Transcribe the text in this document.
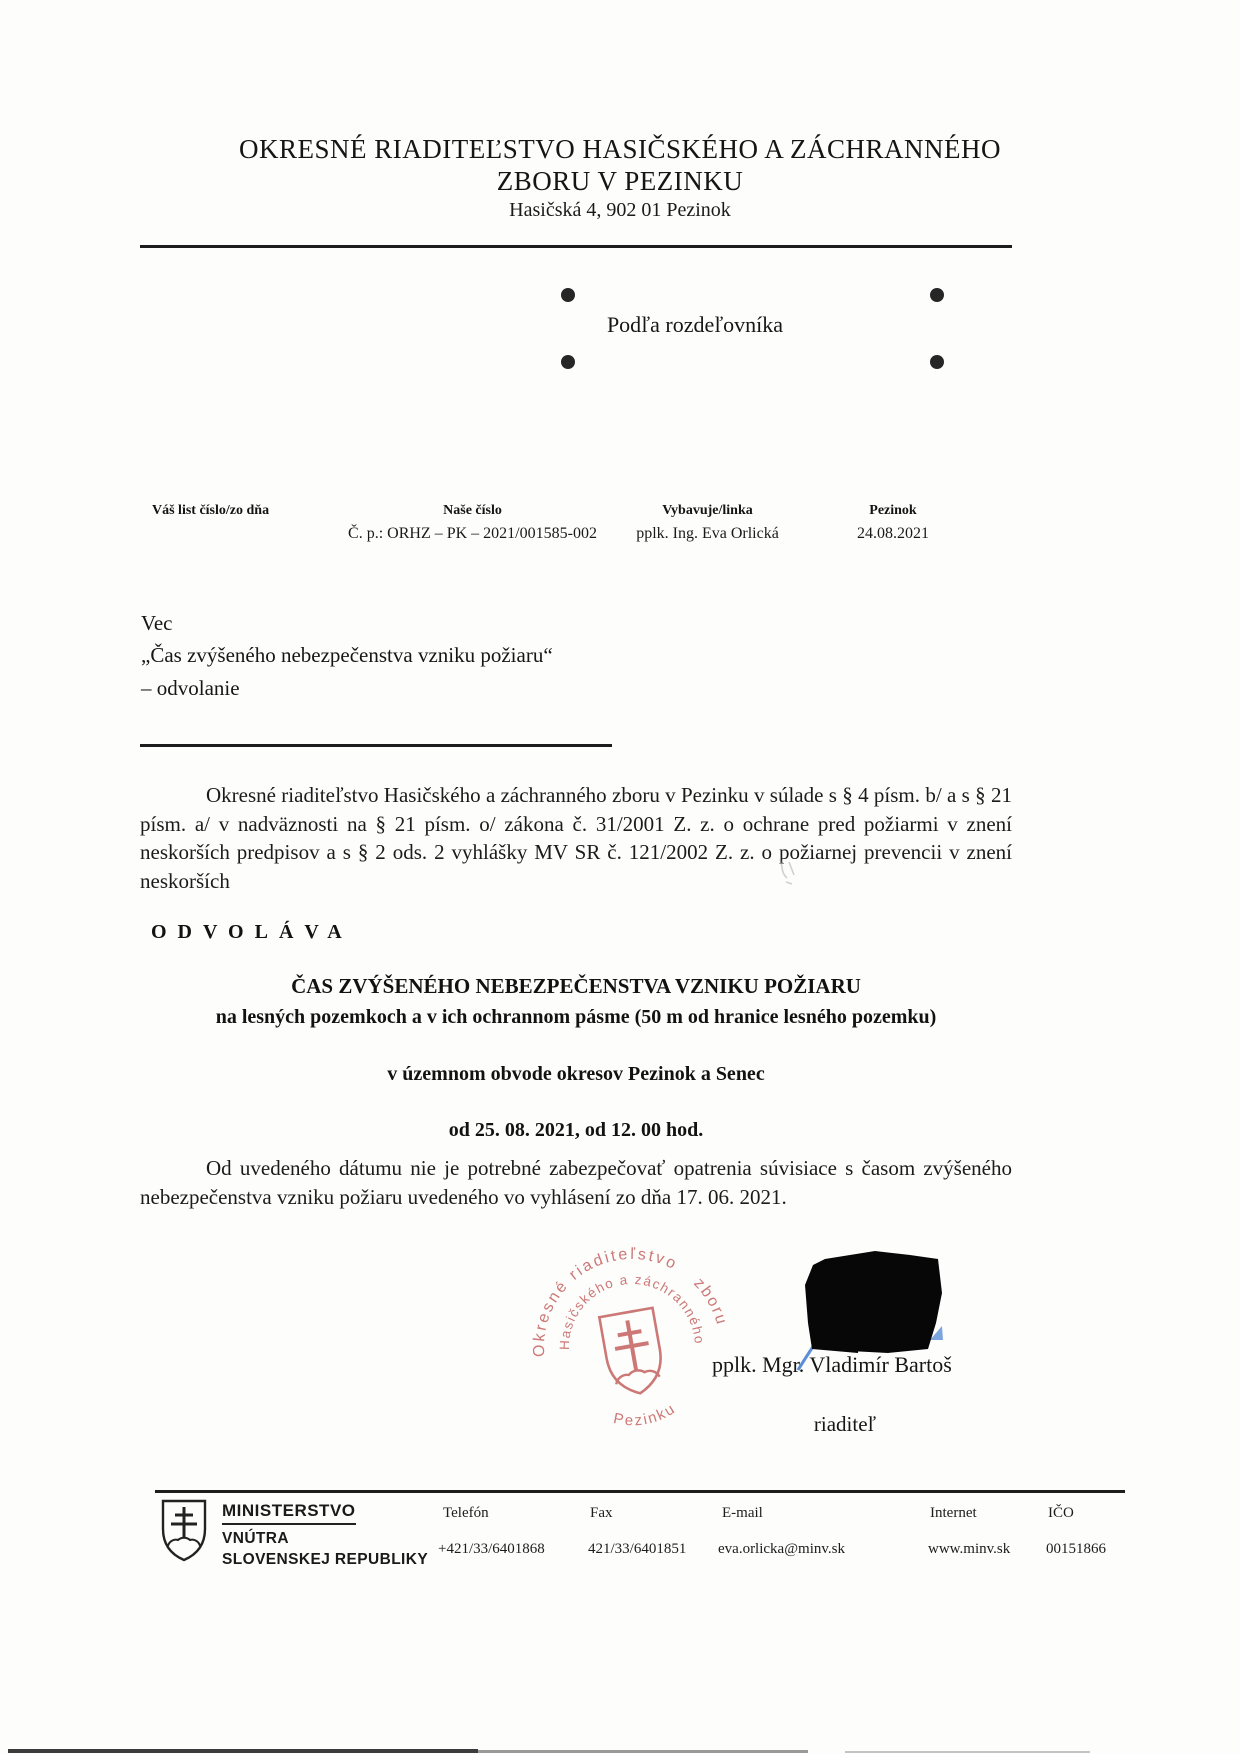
OKRESNÉ RIADITEĽSTVO HASIČSKÉHO A ZÁCHRANNÉHO
ZBORU V PEZINKU
Hasičská 4, 902 01 Pezinok
Podľa rozdeľovníka
Váš list číslo/zo dňa	Naše číslo
Č. p.: ORHZ – PK – 2021/001585-002
Vybavuje/linka
pplk. Ing. Eva Orlická
Pezinok
24.08.2021
Vec
„Čas zvýšeného nebezpečenstva vzniku požiaru“
– odvolanie
Okresné riaditeľstvo Hasičského a záchranného zboru v Pezinku v súlade s § 4 písm. b/ a s § 21 písm. a/ v nadväznosti na § 21 písm. o/ zákona č. 31/2001 Z. z. o ochrane pred požiarmi v znení neskorších predpisov a s § 2 ods. 2 vyhlášky MV SR č. 121/2002 Z. z. o požiarnej prevencii v znení neskorších
ODVOLÁVA
ČAS ZVÝŠENÉHO NEBEZPEČENSTVA VZNIKU POŽIARU
na lesných pozemkoch a v ich ochrannom pásme (50 m od hranice lesného pozemku)
v územnom obvode okresov Pezinok a Senec
od 25. 08. 2021, od 12. 00 hod.
Od uvedeného dátumu nie je potrebné zabezpečovať opatrenia súvisiace s časom zvýšeného nebezpečenstva vzniku požiaru uvedeného vo vyhlásení zo dňa 17. 06. 2021.
Okresné riaditeľstvo
zboru
Hasičského a záchranného
Pezinku
pplk. Mgr. Vladimír Bartoš
riaditeľ
MINISTERSTVO
VNÚTRA
SLOVENSKEJ REPUBLIKY
Telefón
+421/33/6401868
Fax
421/33/6401851
E-mail
eva.orlicka@minv.sk
Internet
www.minv.sk
IČO
00151866
